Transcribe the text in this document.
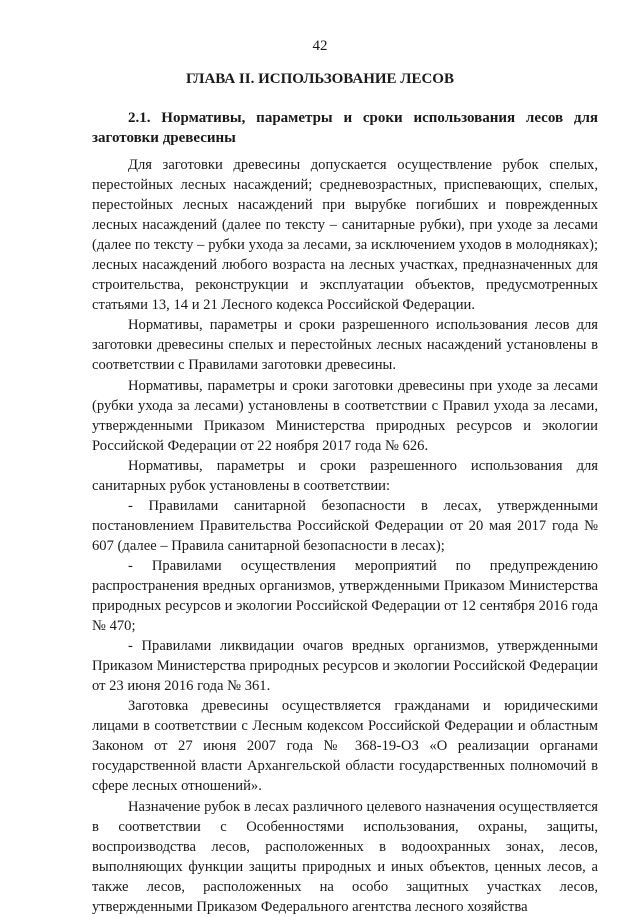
42
ГЛАВА II. ИСПОЛЬЗОВАНИЕ ЛЕСОВ
2.1. Нормативы, параметры и сроки использования лесов для заготовки древесины

Для заготовки древесины допускается осуществление рубок спелых, перестойных лесных насаждений; средневозрастных, приспевающих, спелых, перестойных лесных насаждений при вырубке погибших и поврежденных лесных насаждений (далее по тексту – санитарные рубки), при уходе за лесами (далее по тексту – рубки ухода за лесами, за исключением уходов в молодняках); лесных насаждений любого возраста на лесных участках, предназначенных для строительства, реконструкции и эксплуатации объектов, предусмотренных статьями 13, 14 и 21 Лесного кодекса Российской Федерации.

Нормативы, параметры и сроки разрешенного использования лесов для заготовки древесины спелых и перестойных лесных насаждений установлены в соответствии с Правилами заготовки древесины.

Нормативы, параметры и сроки заготовки древесины при уходе за лесами (рубки ухода за лесами) установлены в соответствии с Правил ухода за лесами, утвержденными Приказом Министерства природных ресурсов и экологии Российской Федерации от 22 ноября 2017 года № 626.

Нормативы, параметры и сроки разрешенного использования для санитарных рубок установлены в соответствии:

- Правилами санитарной безопасности в лесах, утвержденными постановлением Правительства Российской Федерации от 20 мая 2017 года № 607 (далее – Правила санитарной безопасности в лесах);

- Правилами осуществления мероприятий по предупреждению распространения вредных организмов, утвержденными Приказом Министерства природных ресурсов и экологии Российской Федерации от 12 сентября 2016 года № 470;

- Правилами ликвидации очагов вредных организмов, утвержденными Приказом Министерства природных ресурсов и экологии Российской Федерации от 23 июня 2016 года № 361.

Заготовка древесины осуществляется гражданами и юридическими лицами в соответствии с Лесным кодексом Российской Федерации и областным Законом от 27 июня 2007 года № 368-19-ОЗ «О реализации органами государственной власти Архангельской области государственных полномочий в сфере лесных отношений».

Назначение рубок в лесах различного целевого назначения осуществляется в соответствии с Особенностями использования, охраны, защиты, воспроизводства лесов, расположенных в водоохранных зонах, лесов, выполняющих функции защиты природных и иных объектов, ценных лесов, а также лесов, расположенных на особо защитных участках лесов, утвержденными Приказом Федерального агентства лесного хозяйства
